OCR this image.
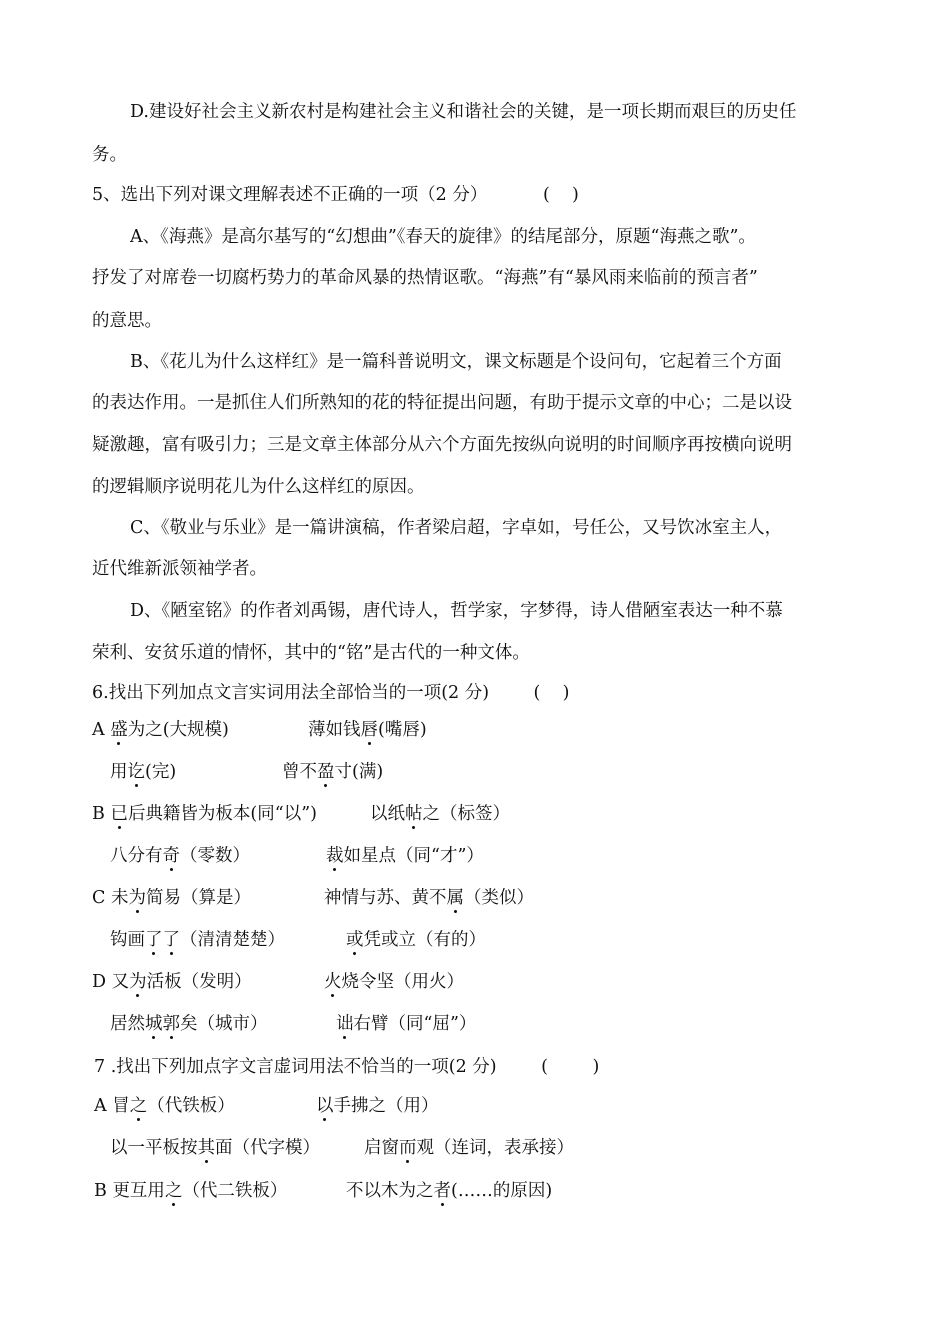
D.建设好社会主义新农村是构建社会主义和谐社会的关键，是一项长期而艰巨的历史任
务。
5、选出下列对课文理解表述不正确的一项（2 分）          (    )
A、《海燕》是高尔基写的“幻想曲”《春天的旋律》的结尾部分，原题“海燕之歌”。
抒发了对席卷一切腐朽势力的革命风暴的热情讴歌。“海燕”有“暴风雨来临前的预言者”
的意思。
B、《花儿为什么这样红》是一篇科普说明文，课文标题是个设问句，它起着三个方面
的表达作用。一是抓住人们所熟知的花的特征提出问题，有助于提示文章的中心；二是以设
疑激趣，富有吸引力；三是文章主体部分从六个方面先按纵向说明的时间顺序再按横向说明
的逻辑顺序说明花儿为什么这样红的原因。
C、《敬业与乐业》是一篇讲演稿，作者梁启超，字卓如，号任公，又号饮冰室主人，
近代维新派领袖学者。
D、《陋室铭》的作者刘禹锡，唐代诗人，哲学家，字梦得，诗人借陋室表达一种不慕
荣利、安贫乐道的情怀，其中的“铭”是古代的一种文体。
6.找出下列加点文言实词用法全部恰当的一项(2 分)        (    )
A 盛为之(大规模)	薄如钱唇(嘴唇)
用讫(完)	曾不盈寸(满)
B 已后典籍皆为板本(同“以”)	以纸帖之（标签）
八分有奇（零数）	裁如星点（同“才”）
C 未为简易（算是）	神情与苏、黄不属（类似）
钩画了了（清清楚楚）	或凭或立（有的）
D 又为活板（发明）	火烧令坚（用火）
居然城郭矣（城市）	诎右臂（同“屈”）
7 .找出下列加点字文言虚词用法不恰当的一项(2 分)        (        )
A 冒之（代铁板）	以手拂之（用）
以一平板按其面（代字模）	启窗而观（连词，表承接）
B 更互用之（代二铁板）	不以木为之者(……的原因)
